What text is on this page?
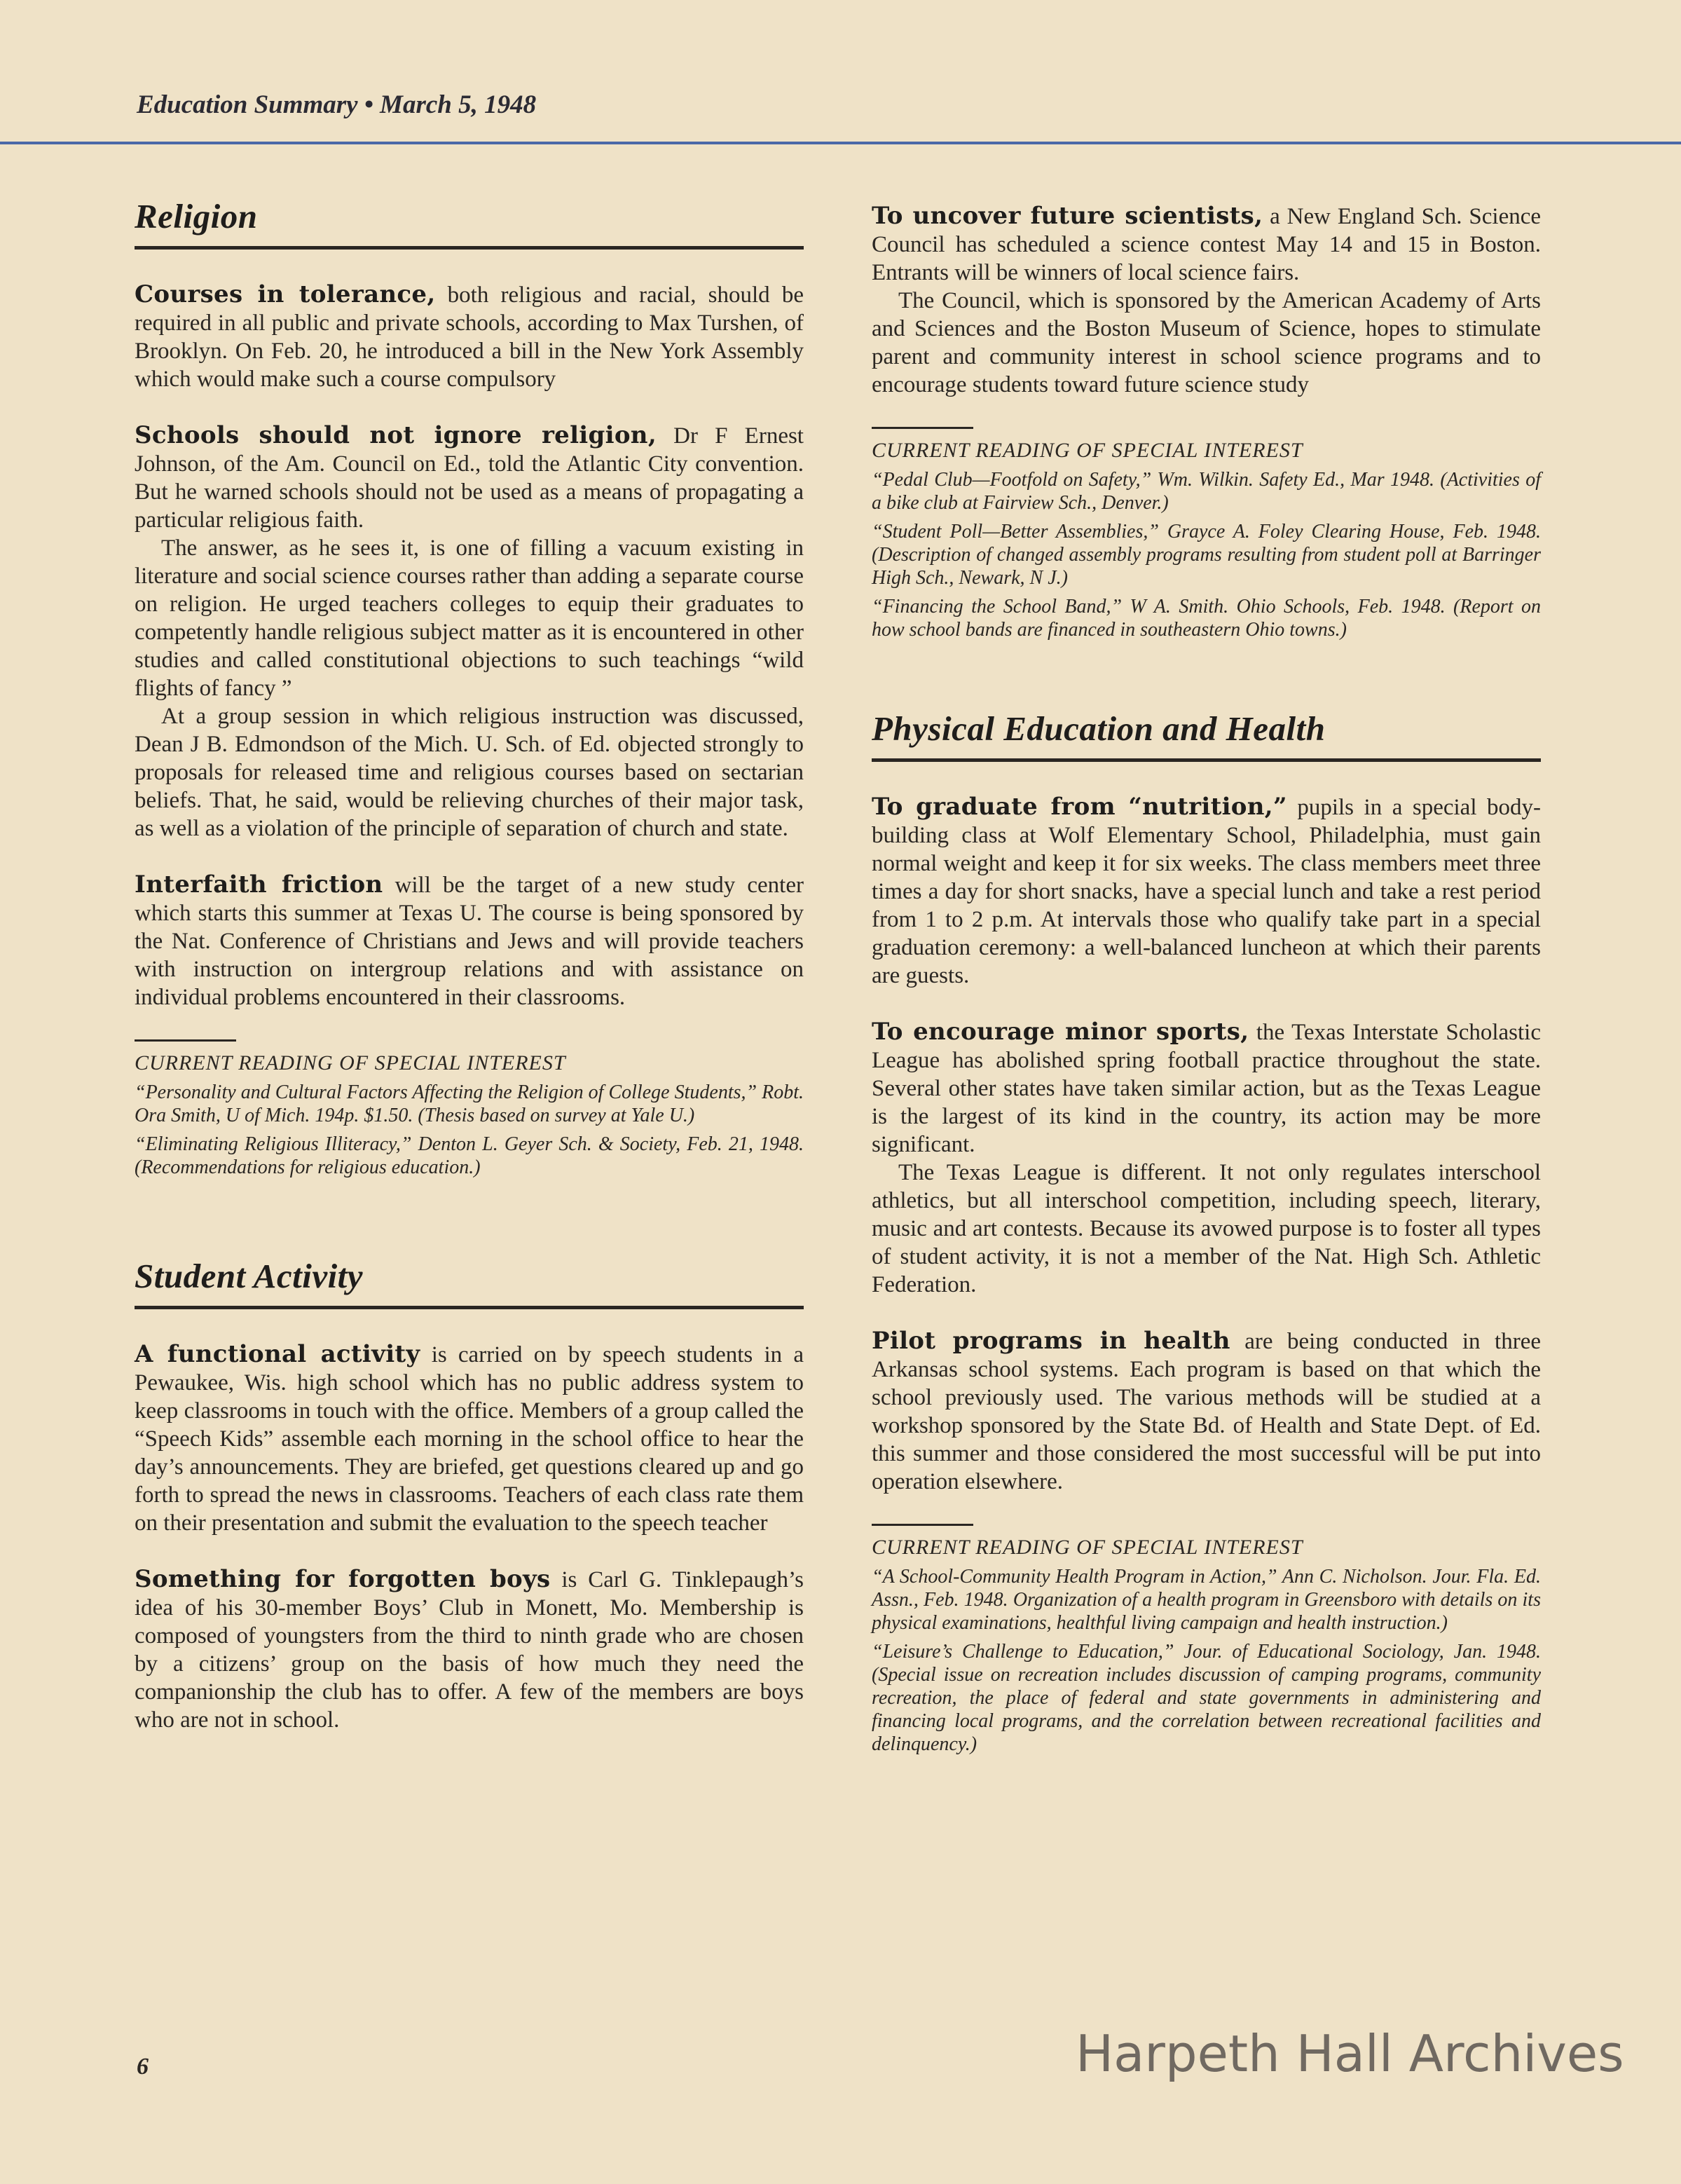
Education Summary • March 5, 1948
Religion

Courses in tolerance, both religious and racial, should be required in all public and private schools, according to Max Turshen, of Brooklyn. On Feb. 20, he introduced a bill in the New York Assembly which would make such a course compulsory

Schools should not ignore religion, Dr F Ernest Johnson, of the Am. Council on Ed., told the Atlantic City convention. But he warned schools should not be used as a means of propagating a particular religious faith.

The answer, as he sees it, is one of filling a vacuum existing in literature and social science courses rather than adding a separate course on religion. He urged teachers colleges to equip their graduates to competently handle religious subject matter as it is encountered in other studies and called constitutional objections to such teachings “wild flights of fancy ”

At a group session in which religious instruction was discussed, Dean J B. Edmondson of the Mich. U. Sch. of Ed. objected strongly to proposals for released time and religious courses based on sectarian beliefs. That, he said, would be relieving churches of their major task, as well as a violation of the principle of separation of church and state.

Interfaith friction will be the target of a new study center which starts this summer at Texas U. The course is being sponsored by the Nat. Conference of Christians and Jews and will provide teachers with instruction on intergroup relations and with assistance on individual problems encountered in their classrooms.

CURRENT READING OF SPECIAL INTEREST
“Personality and Cultural Factors Affecting the Religion of College Students,” Robt. Ora Smith, U of Mich. 194p. $1.50. (Thesis based on survey at Yale U.)
“Eliminating Religious Illiteracy,” Denton L. Geyer Sch. & Society, Feb. 21, 1948. (Recommendations for religious education.)
Student Activity

A functional activity is carried on by speech students in a Pewaukee, Wis. high school which has no public address system to keep classrooms in touch with the office. Members of a group called the “Speech Kids” assemble each morning in the school office to hear the day’s announcements. They are briefed, get questions cleared up and go forth to spread the news in classrooms. Teachers of each class rate them on their presentation and submit the evaluation to the speech teacher

Something for forgotten boys is Carl G. Tinklepaugh’s idea of his 30-member Boys’ Club in Monett, Mo. Membership is composed of youngsters from the third to ninth grade who are chosen by a citizens’ group on the basis of how much they need the companionship the club has to offer. A few of the members are boys who are not in school.

To uncover future scientists, a New England Sch. Science Council has scheduled a science contest May 14 and 15 in Boston. Entrants will be winners of local science fairs.

The Council, which is sponsored by the American Academy of Arts and Sciences and the Boston Museum of Science, hopes to stimulate parent and community interest in school science programs and to encourage students toward future science study

CURRENT READING OF SPECIAL INTEREST
“Pedal Club—Footfold on Safety,” Wm. Wilkin. Safety Ed., Mar 1948. (Activities of a bike club at Fairview Sch., Denver.)
“Student Poll—Better Assemblies,” Grayce A. Foley Clearing House, Feb. 1948. (Description of changed assembly programs resulting from student poll at Barringer High Sch., Newark, N J.)
“Financing the School Band,” W A. Smith. Ohio Schools, Feb. 1948. (Report on how school bands are financed in southeastern Ohio towns.)
Physical Education and Health

To graduate from “nutrition,” pupils in a special body-building class at Wolf Elementary School, Philadelphia, must gain normal weight and keep it for six weeks. The class members meet three times a day for short snacks, have a special lunch and take a rest period from 1 to 2 p.m. At intervals those who qualify take part in a special graduation ceremony: a well-balanced luncheon at which their parents are guests.

To encourage minor sports, the Texas Interstate Scholastic League has abolished spring football practice throughout the state. Several other states have taken similar action, but as the Texas League is the largest of its kind in the country, its action may be more significant.

The Texas League is different. It not only regulates interschool athletics, but all interschool competition, including speech, literary, music and art contests. Because its avowed purpose is to foster all types of student activity, it is not a member of the Nat. High Sch. Athletic Federation.

Pilot programs in health are being conducted in three Arkansas school systems. Each program is based on that which the school previously used. The various methods will be studied at a workshop sponsored by the State Bd. of Health and State Dept. of Ed. this summer and those considered the most successful will be put into operation elsewhere.

CURRENT READING OF SPECIAL INTEREST
“A School-Community Health Program in Action,” Ann C. Nicholson. Jour. Fla. Ed. Assn., Feb. 1948. Organization of a health program in Greensboro with details on its physical examinations, healthful living campaign and health instruction.)
“Leisure’s Challenge to Education,” Jour. of Educational Sociology, Jan. 1948. (Special issue on recreation includes discussion of camping programs, community recreation, the place of federal and state governments in administering and financing local programs, and the correlation between recreational facilities and delinquency.)
6	Harpeth Hall Archives
